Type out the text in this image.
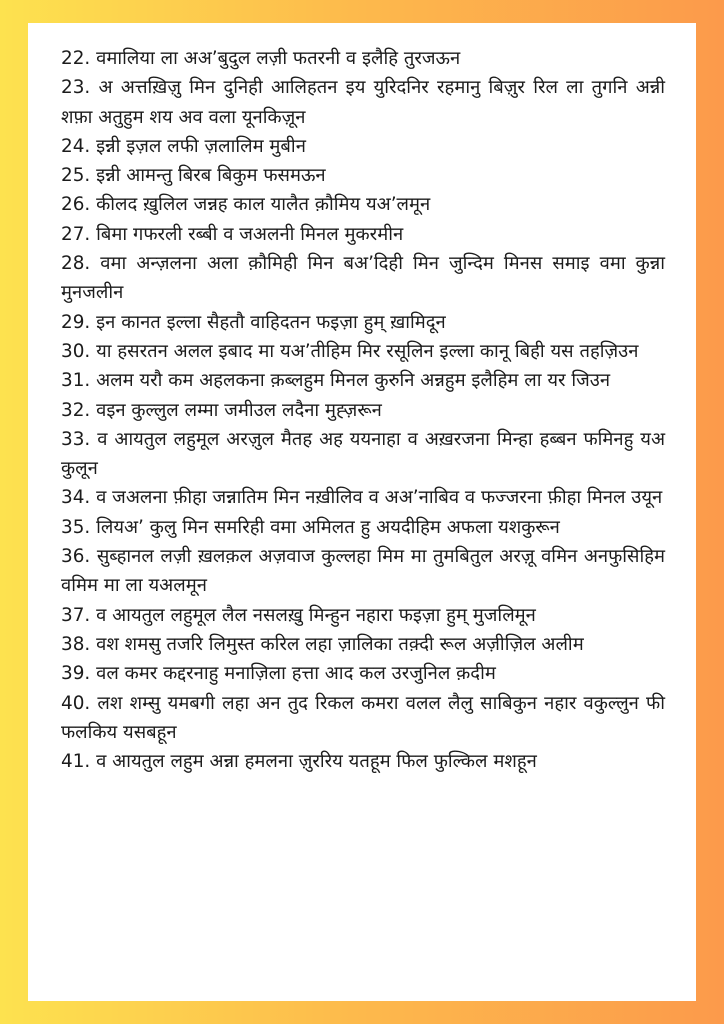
22. वमालिया ला अअ’बुदुल लज़ी फतरनी व इलैहि तुरजऊन

23. अ अत्तख़िज़ु मिन दुनिही आलिहतन इय युरिदनिर रहमानु बिज़ुर रिल ला तुगनि अन्नी शफ़ा अतुहुम शय अव वला यूनकिज़ून

24. इन्नी इज़ल लफी ज़लालिम मुबीन

25. इन्नी आमन्तु बिरब बिकुम फसमऊन

26. कीलद ख़ुलिल जन्नह काल यालैत क़ौमिय यअ’लमून

27. बिमा गफरली रब्बी व जअलनी मिनल मुकरमीन

28. वमा अन्ज़लना अला क़ौमिही मिन बअ’दिही मिन जुन्दिम मिनस समाइ वमा कुन्ना मुनजलीन

29. इन कानत इल्ला सैहतौ वाहिदतन फइज़ा हुम् ख़ामिदून

30. या हसरतन अलल इबाद मा यअ’तीहिम मिर रसूलिन इल्ला कानू बिही यस तहज़िउन

31. अलम यरौ कम अहलकना क़ब्लहुम मिनल कुरुनि अन्नहुम इलैहिम ला यर जिउन

32. वइन कुल्लुल लम्मा जमीउल लदैना मुह्ज़रून

33. व आयतुल लहुमूल अरज़ुल मैतह अह ययनाहा व अख़रजना मिन्हा हब्बन फमिनहु यअ कुलून

34. व जअलना फ़ीहा जन्नातिम मिन नख़ीलिव व अअ’नाबिव व फज्जरना फ़ीहा मिनल उयून

35. लियअ’ कुलु मिन समरिही वमा अमिलत हु अयदीहिम अफला यशकुरून

36. सुब्हानल लज़ी ख़लक़ल अज़वाज कुल्लहा मिम मा तुमबितुल अरज़ू वमिन अनफुसिहिम वमिम मा ला यअलमून

37. व आयतुल लहुमूल लैल नसलख़ु मिन्हुन नहारा फइज़ा हुम् मुजलिमून

38. वश शमसु तजरि लिमुस्त करिल लहा ज़ालिका तक़्दी रूल अज़ीज़िल अलीम

39. वल कमर कद्दरनाहु मनाज़िला हत्ता आद कल उरजुनिल क़दीम

40. लश शम्सु यमबगी लहा अन तुद रिकल कमरा वलल लैलु साबिकुन नहार वकुल्लुन फी फलकिय यसबहून

41. व आयतुल लहुम अन्ना हमलना ज़ुररिय यतहूम फिल फुल्किल मशहून
